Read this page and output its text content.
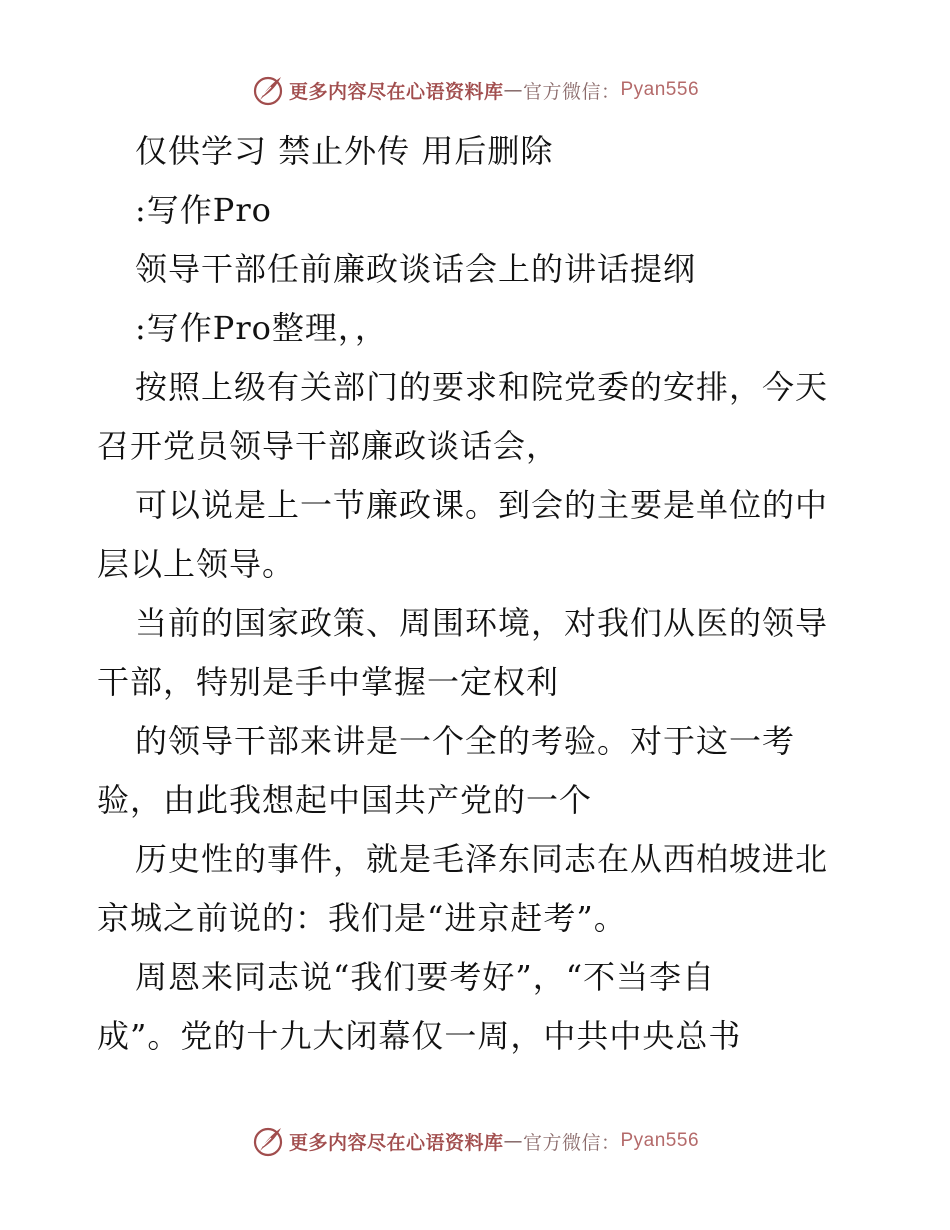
更多内容尽在心语资料库 — 官方微信： Pyan556
仅供学习 禁止外传 用后删除
:写作Pro
领导干部任前廉政谈话会上的讲话提纲
:写作Pro整理，，
按照上级有关部门的要求和院党委的安排，今天
召开党员领导干部廉政谈话会，
可以说是上一节廉政课。到会的主要是单位的中
层以上领导。
当前的国家政策、周围环境，对我们从医的领导
干部，特别是手中掌握一定权利
的领导干部来讲是一个全的考验。对于这一考
验，由此我想起中国共产党的一个
历史性的事件，就是毛泽东同志在从西柏坡进北
京城之前说的：我们是“进京赶考”。
周恩来同志说“我们要考好”，“不当李自
成”。党的十九大闭幕仅一周，中共中央总书
更多内容尽在心语资料库 — 官方微信： Pyan556
